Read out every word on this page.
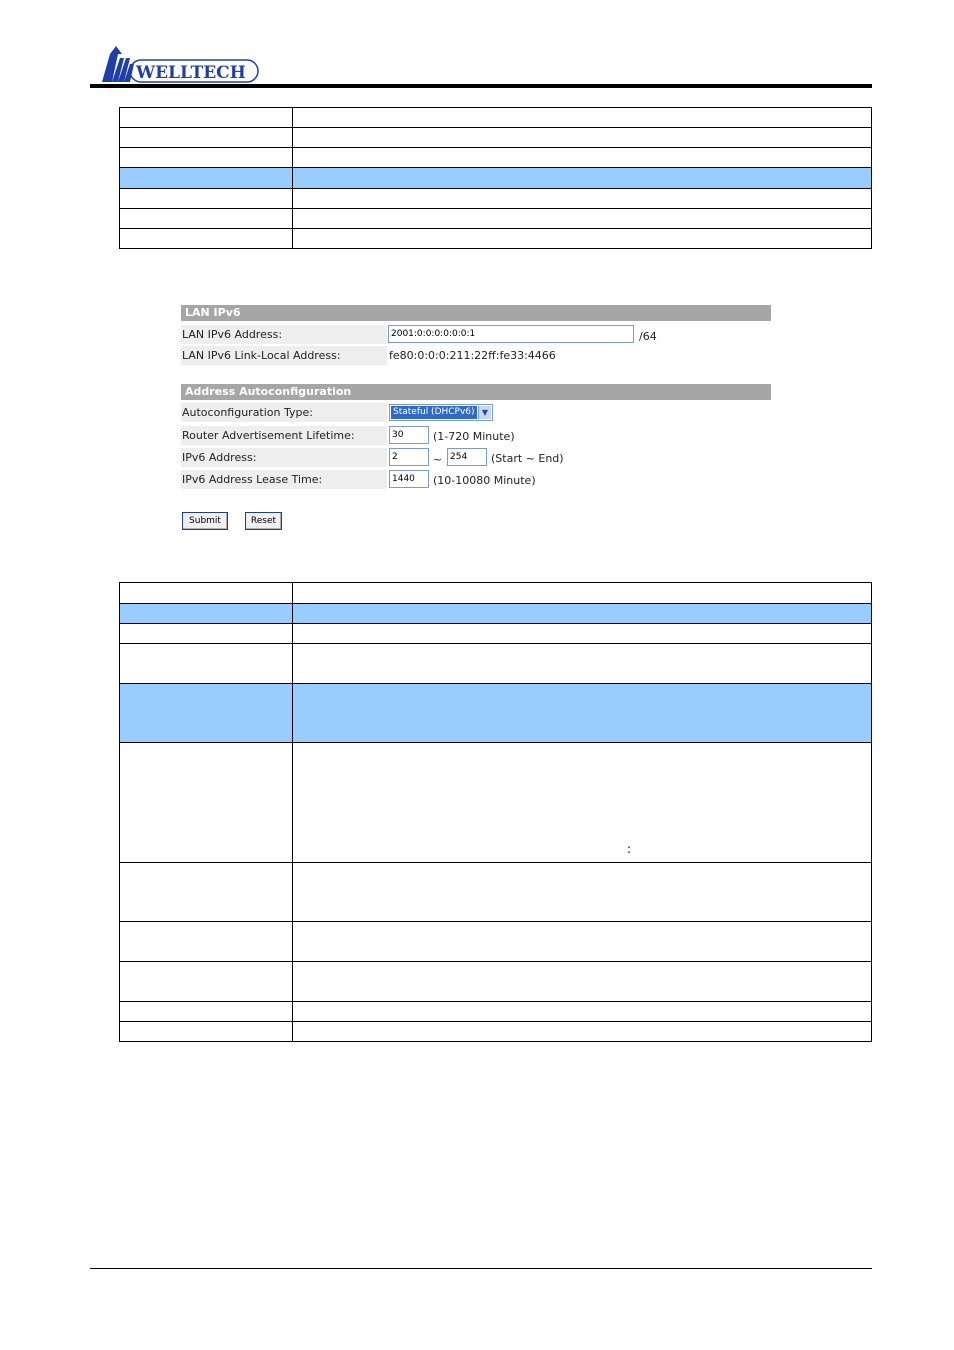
WELLTECH

LAN IPv6
LAN IPv6 Address:	2001:0:0:0:0:0:0:1	/64
LAN IPv6 Link-Local Address:	fe80:0:0:0:211:22ff:fe33:4466
Address Autoconfiguration
Autoconfiguration Type:	Stateful (DHCPv6) ▼
Router Advertisement Lifetime:	30	(1-720 Minute)
IPv6 Address:	2	~ 254	(Start ~ End)
IPv6 Address Lease Time:	1440	(10-10080 Minute)
Submit	Reset

:
